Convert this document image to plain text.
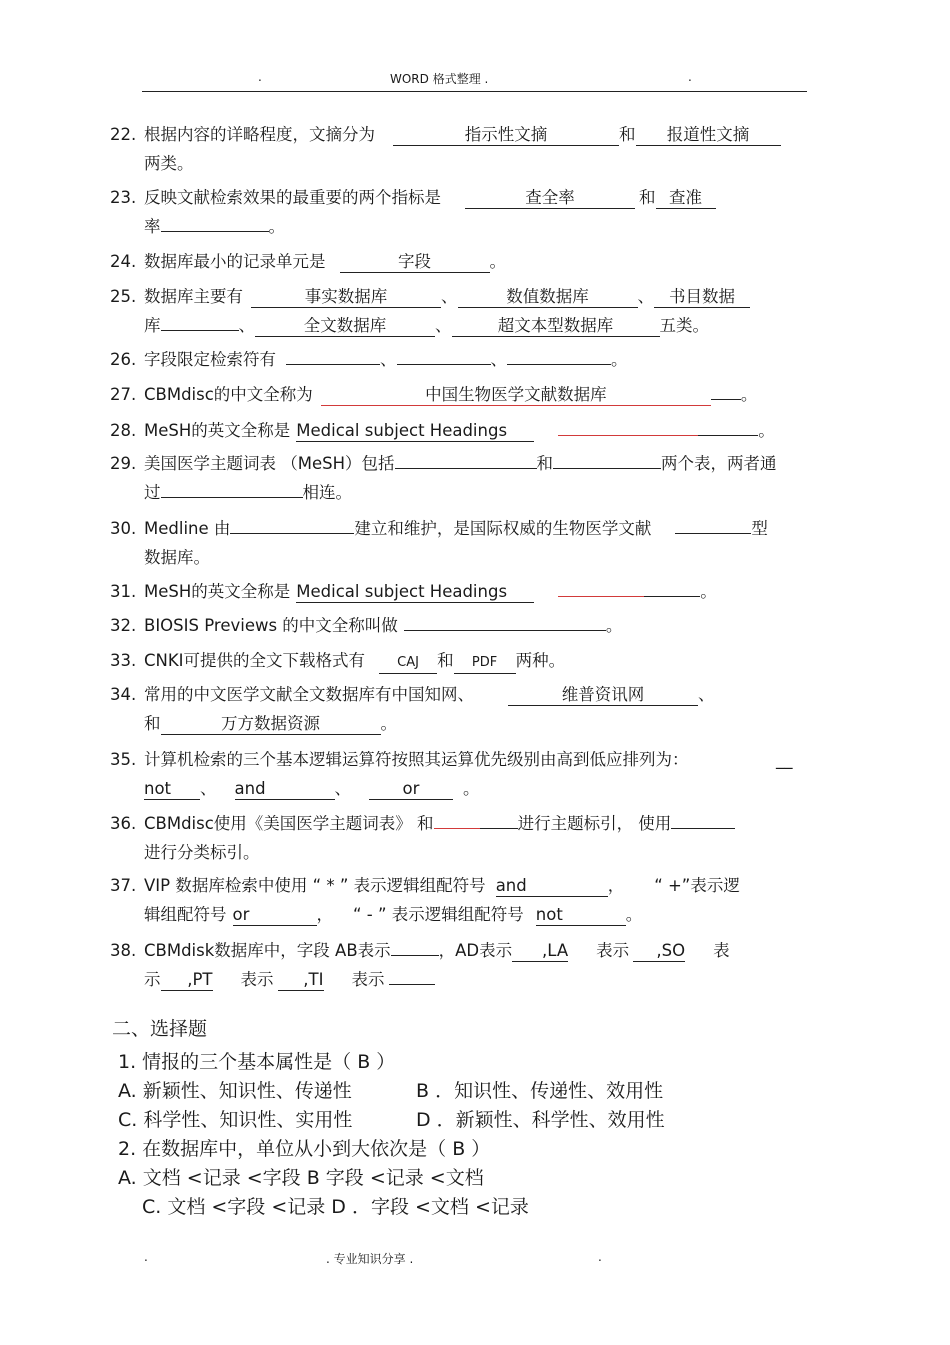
.	WORD 格式整理 .	.
22. 根据内容的详略程度，文摘分为	指示性文摘	和 报道性文摘
两类。
23. 反映文献检索效果的最重要的两个指标是	查全率	和 查准
率	。
24. 数据库最小的记录单元是	字段	。
25. 数据库主要有	事实数据库	、	数值数据库	、 书目数据
库	、	全文数据库	、	超文本型数据库	五类。
26. 字段限定检索符有	、	、	。
27. CBMdisc的中文全称为	中国生物医学文献数据库	。
28. MeSH的英文全称是 Medical subject Headings	。
29. 美国医学主题词表 （MeSH）包括	和	两个表，两者通
过	相连。
30. Medline 由	建立和维护，是国际权威的生物医学文献	型
数据库。
31. MeSH的英文全称是 Medical subject Headings	。
32. BIOSIS Previews 的中文全称叫做	。
33. CNKI可提供的全文下载格式有 CAJ 和 PDF 两种。
34. 常用的中文医学文献全文数据库有中国知网、	维普资讯网	、
和	万方数据资源	。
35. 计算机检索的三个基本逻辑运算符按照其运算优先级别由高到低应排列为：	__
not 、 and	、	or	。
36. CBMdisc使用《美国医学主题词表》 和	进行主题标引， 使用
进行分类标引。
37. VIP 数据库检索中使用 “ * ” 表示逻辑组配符号 and	， “ +”表示逻
辑组配符号 or	， “ - ” 表示逻辑组配符号 not	。
38. CBMdisk数据库中，字段 AB表示	，AD表示 ,LA 表示 ,SO 表
示 ,PT 表示 ,TI 表示
二、选择题
1. 情报的三个基本属性是（ B ）
A. 新颖性、知识性、传递性	B ．知识性、传递性、效用性
C. 科学性、知识性、实用性	D ．新颖性、科学性、效用性
2. 在数据库中，单位从小到大依次是（ B ）
A. 文档 <记录 <字段 B 字段 <记录 <文档
C. 文档 <字段 <记录 D ．字段 <文档 <记录
.	. 专业知识分享 .	.
